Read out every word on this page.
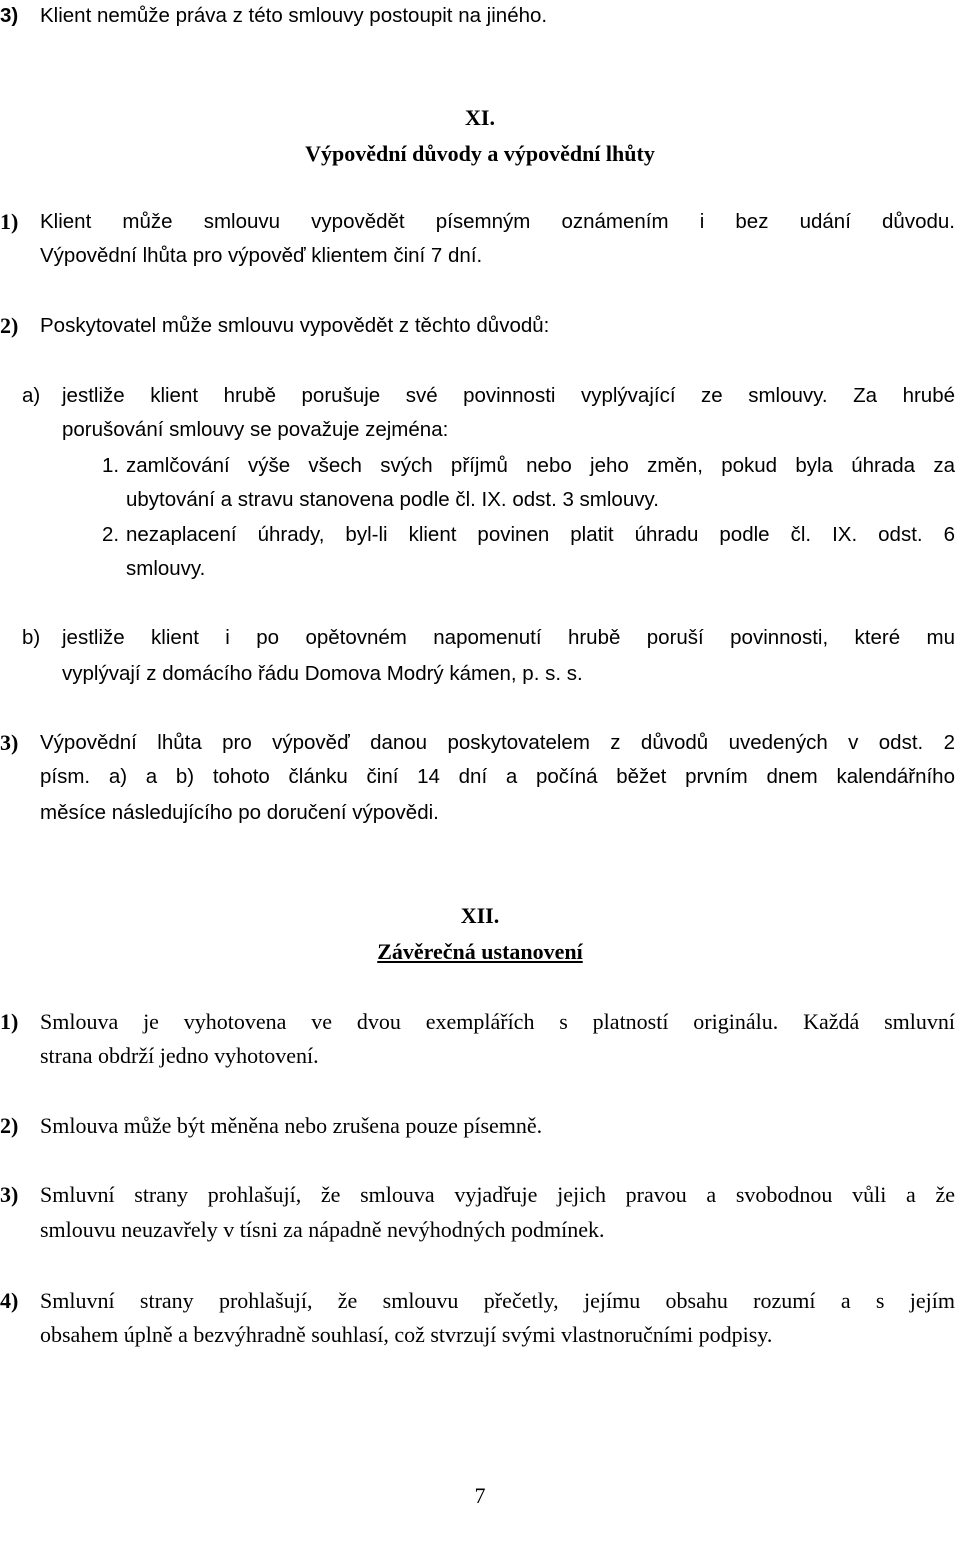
3) Klient nemůže práva z této smlouvy postoupit na jiného.
XI.
Výpovědní důvody a výpovědní lhůty
1) Klient může smlouvu vypovědět písemným oznámením i bez udání důvodu.
Výpovědní lhůta pro výpověď klientem činí 7 dní.
2) Poskytovatel může smlouvu vypovědět z těchto důvodů:
a) jestliže klient hrubě porušuje své povinnosti vyplývající ze smlouvy. Za hrubé
porušování smlouvy se považuje zejména:
1. zamlčování výše všech svých příjmů nebo jeho změn, pokud byla úhrada za
ubytování a stravu stanovena podle čl. IX. odst. 3 smlouvy.
2. nezaplacení úhrady, byl-li klient povinen platit úhradu podle čl. IX. odst. 6
smlouvy.
b) jestliže klient i po opětovném napomenutí hrubě poruší povinnosti, které mu
vyplývají z domácího řádu Domova Modrý kámen, p. s. s.
3) Výpovědní lhůta pro výpověď danou poskytovatelem z důvodů uvedených v odst. 2
písm. a) a b) tohoto článku činí 14 dní a počíná běžet prvním dnem kalendářního
měsíce následujícího po doručení výpovědi.
XII.
Závěrečná ustanovení
1) Smlouva je vyhotovena ve dvou exemplářích s platností originálu. Každá smluvní
strana obdrží jedno vyhotovení.
2) Smlouva může být měněna nebo zrušena pouze písemně.
3) Smluvní strany prohlašují, že smlouva vyjadřuje jejich pravou a svobodnou vůli a že
smlouvu neuzavřely v tísni za nápadně nevýhodných podmínek.
4) Smluvní strany prohlašují, že smlouvu přečetly, jejímu obsahu rozumí a s jejím
obsahem úplně a bezvýhradně souhlasí, což stvrzují svými vlastnoručními podpisy.
7
